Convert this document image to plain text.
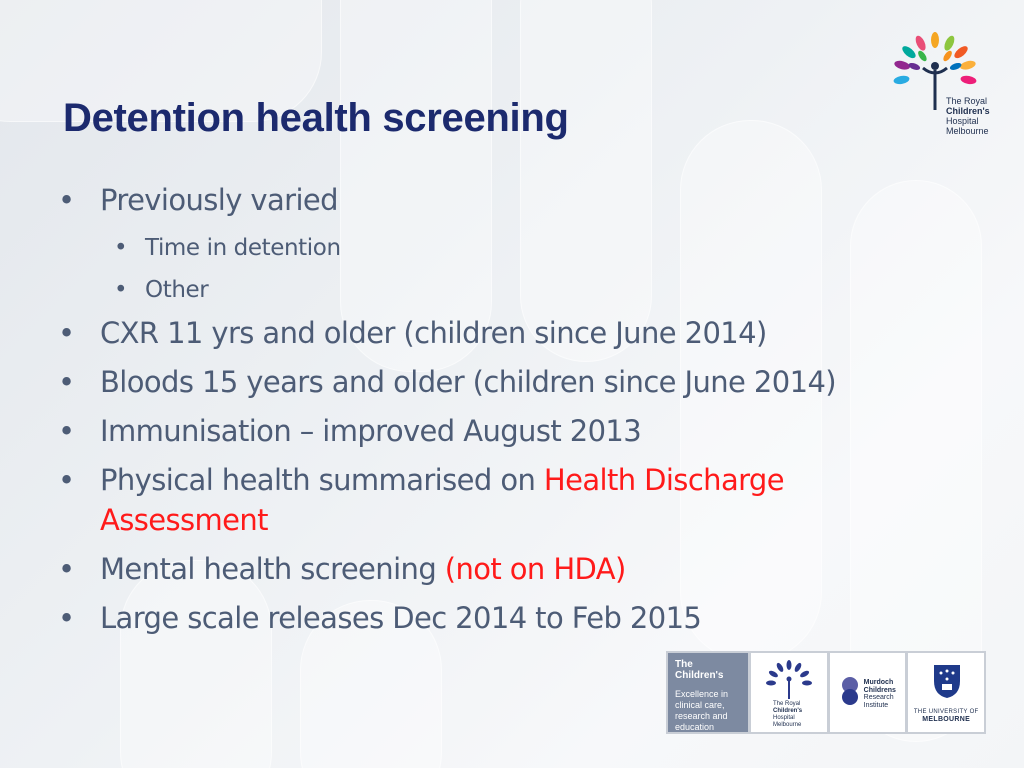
Detention health screening	The Royal
Children's
Hospital
Melbourne
• Previously varied
• Time in detention
• Other
• CXR 11 yrs and older (children since June 2014)
• Bloods 15 years and older (children since June 2014)
• Immunisation – improved August 2013
• Physical health summarised on Health Discharge Assessment
• Mental health screening (not on HDA)
• Large scale releases Dec 2014 to Feb 2015
The Children's
Excellence in
clinical care,
research and
education
The Royal
Children's
Hospital
Melbourne
Murdoch
Childrens
Research
Institute
THE UNIVERSITY OF
MELBOURNE
